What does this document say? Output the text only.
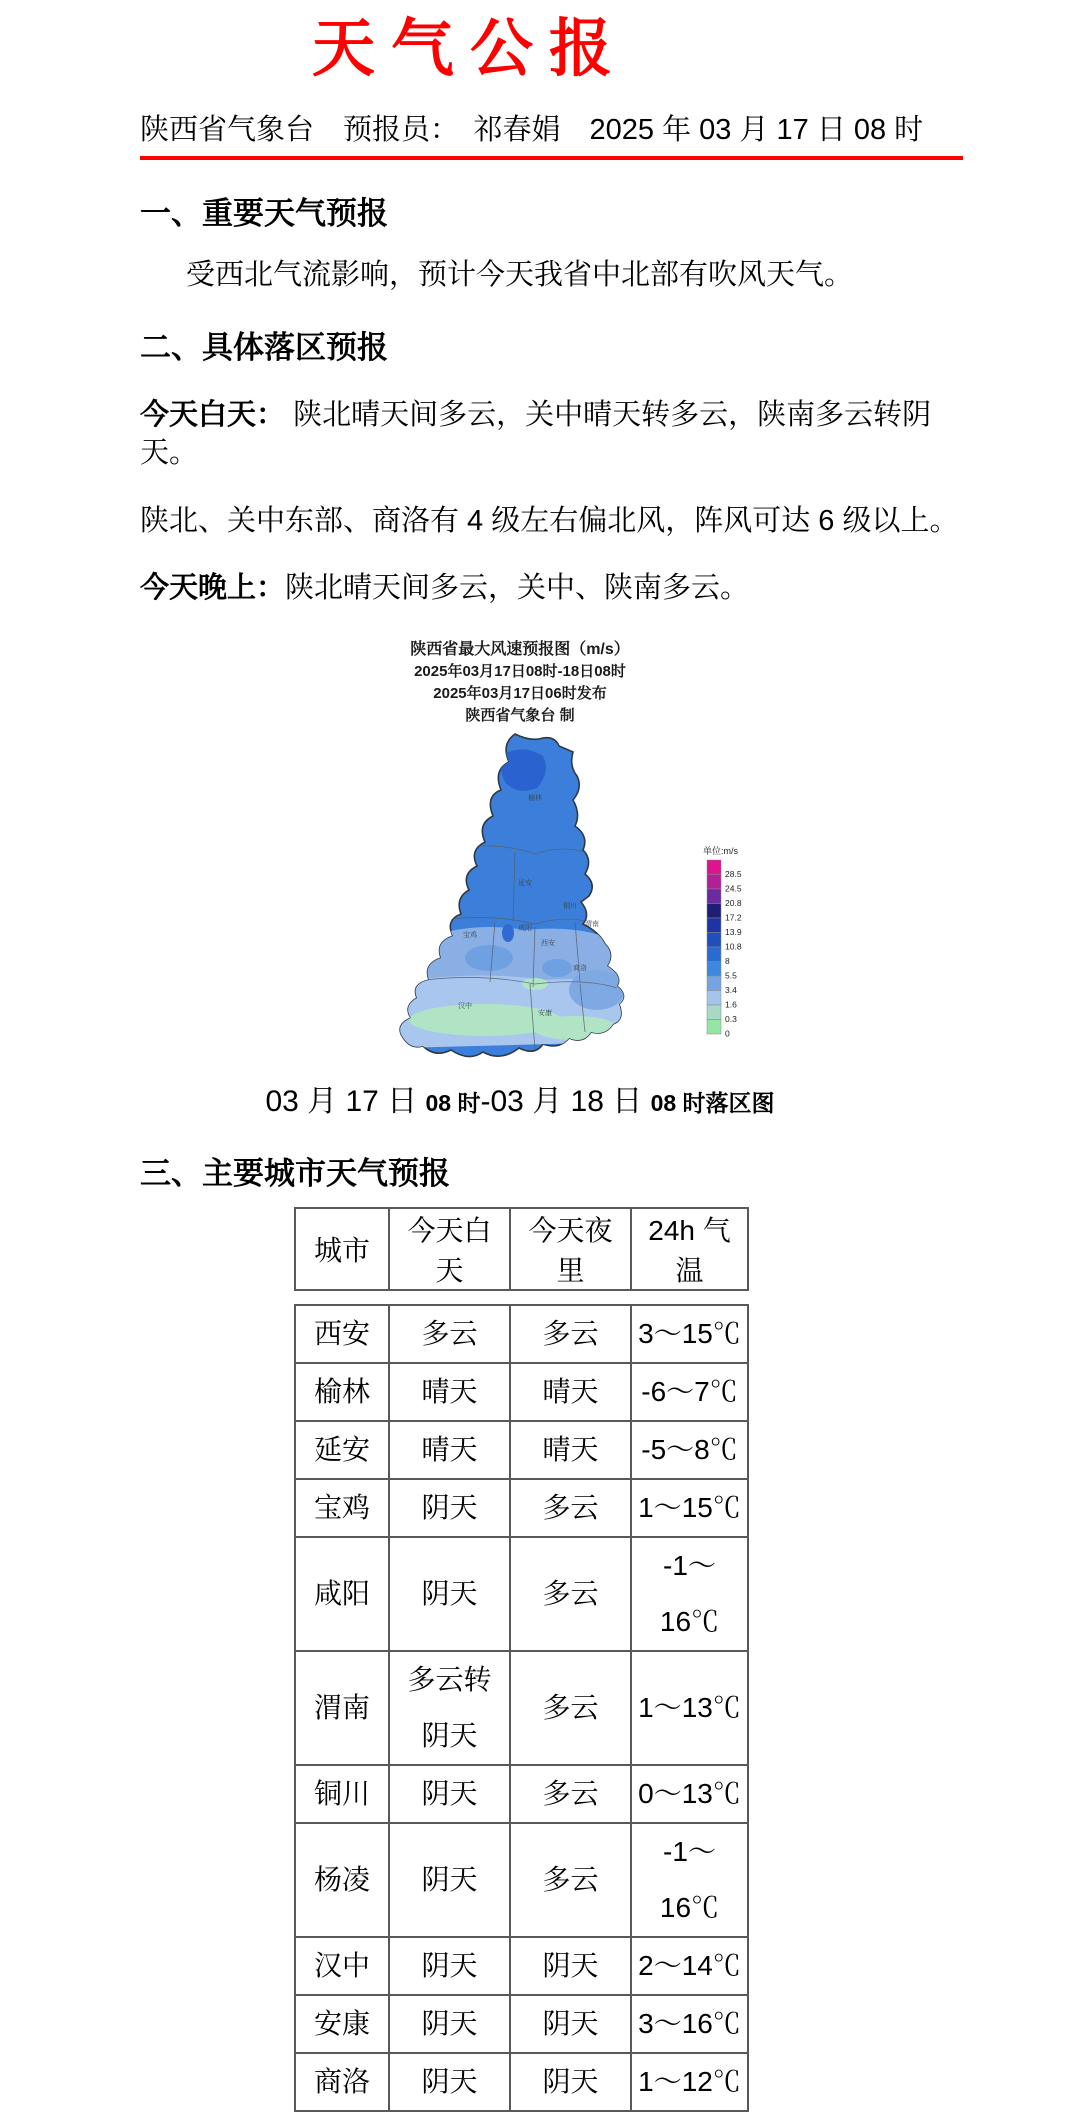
天气公报
陕西省气象台　预报员：　祁春娟　2025 年 03 月 17 日 08 时
一、重要天气预报
受西北气流影响，预计今天我省中北部有吹风天气。
二、具体落区预报
今天白天： 陕北晴天间多云，关中晴天转多云，陕南多云转阴天。
陕北、关中东部、商洛有 4 级左右偏北风，阵风可达 6 级以上。
今天晚上：陕北晴天间多云，关中、陕南多云。
陕西省最大风速预报图（m/s）
2025年03月17日08时-18日08时
2025年03月17日06时发布
陕西省气象台 制
榆林
延安
铜川
渭南
咸阳
西安
宝鸡
商洛
汉中
安康
单位:m/s
28.5
24.5
20.8
17.2
13.9
10.8
8
5.5
3.4
1.6
0.3
0
03 月 17 日 08 时-03 月 18 日 08 时落区图
三、主要城市天气预报
城市	今天白天	今天夜里	24h 气温
西安	多云	多云	3～15℃
榆林	晴天	晴天	-6～7℃
延安	晴天	晴天	-5～8℃
宝鸡	阴天	多云	1～15℃
咸阳	阴天	多云	-1～16℃
渭南	多云转阴天	多云	1～13℃
铜川	阴天	多云	0～13℃
杨凌	阴天	多云	-1～16℃
汉中	阴天	阴天	2～14℃
安康	阴天	阴天	3～16℃
商洛	阴天	阴天	1～12℃
